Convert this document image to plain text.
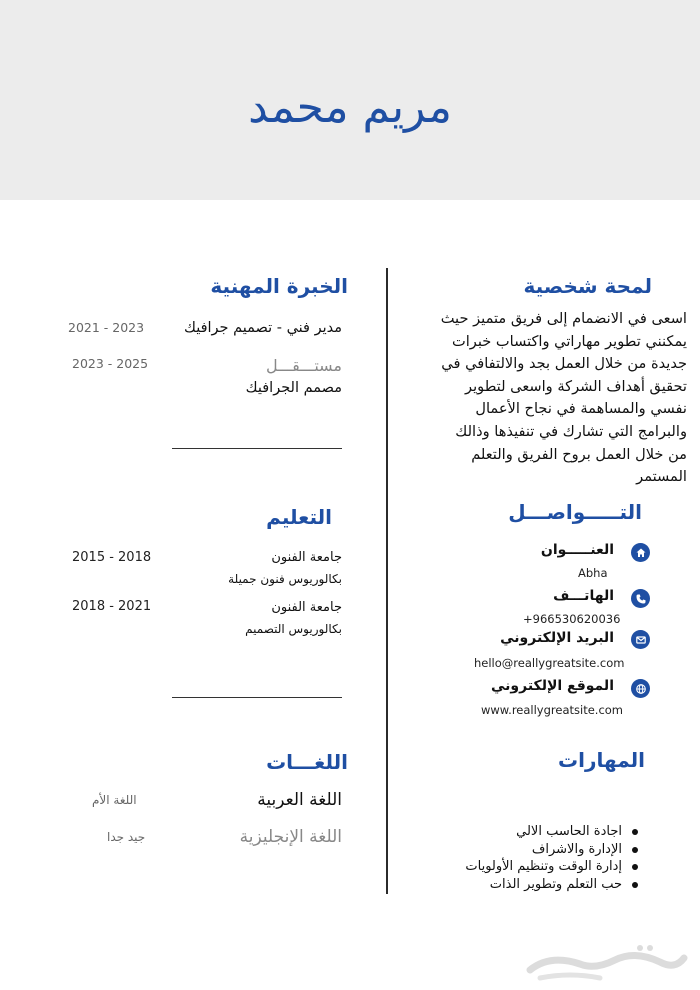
مريم محمد
لمحة شخصية
اسعى في الانضمام إلى فريق متميز حيث
يمكنني تطوير مهاراتي واكتساب خبرات
جديدة من خلال العمل بجد والالتفافي في
تحقيق أهداف الشركة واسعى لتطوير
نفسي والمساهمة في نجاح الأعمال
والبرامج التي تشارك في تنفيذها وذالك
من خلال العمل بروح الفريق والتعلم
المستمر
التـــــواصـــل
العنـــــوان
Abha
الهاتـــف
+966530620036
البريد الإلكتروني
hello@reallygreatsite.com
الموقع الإلكتروني
www.reallygreatsite.com
المهارات
اجادة الحاسب الالي
الإدارة والاشراف
إدارة الوقت وتنظيم الأولويات
حب التعلم وتطوير الذات
الخبرة المهنية
مدير فني - تصميم جرافيك
2021 - 2023
مستـــقـــل
مصمم الجرافيك
2023 - 2025
التعليم
جامعة الفنون
بكالوريوس فنون جميلة
2015 - 2018
جامعة الفنون
بكالوريوس التصميم
2018 - 2021
اللغـــات
اللغة العربية
اللغة الأم
اللغة الإنجليزية
جيد جدا
